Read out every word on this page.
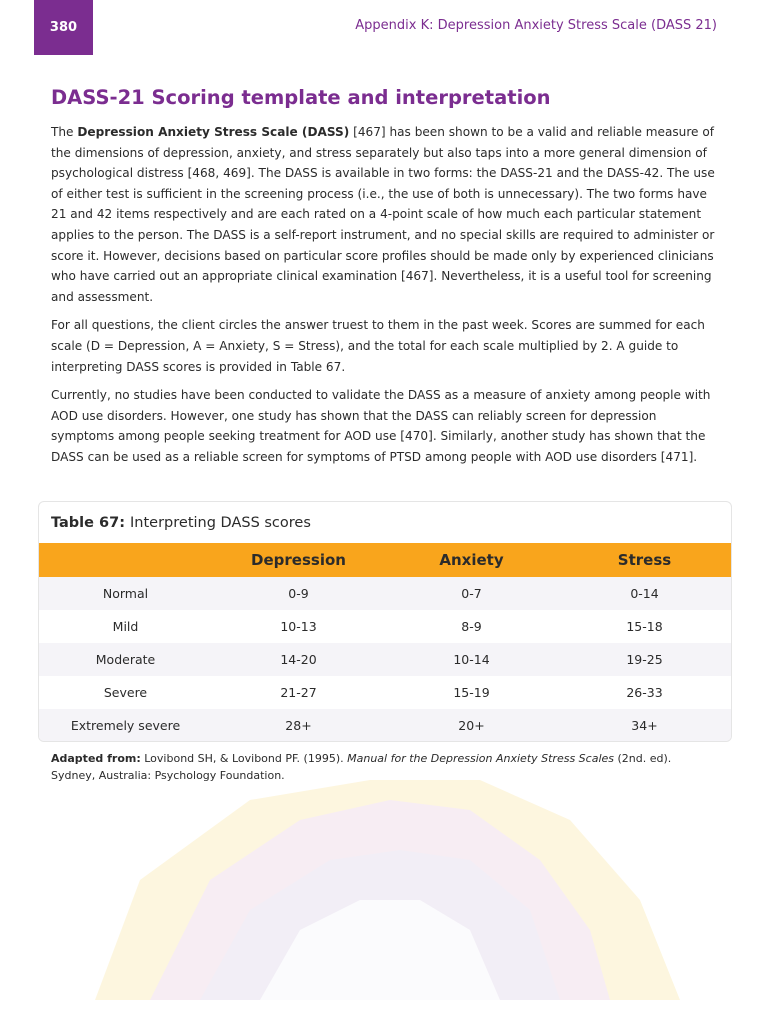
380	Appendix K: Depression Anxiety Stress Scale (DASS 21)
DASS-21 Scoring template and interpretation

The Depression Anxiety Stress Scale (DASS) [467] has been shown to be a valid and reliable measure of the dimensions of depression, anxiety, and stress separately but also taps into a more general dimension of psychological distress [468, 469]. The DASS is available in two forms: the DASS-21 and the DASS-42. The use of either test is sufficient in the screening process (i.e., the use of both is unnecessary). The two forms have 21 and 42 items respectively and are each rated on a 4-point scale of how much each particular statement applies to the person. The DASS is a self-report instrument, and no special skills are required to administer or score it. However, decisions based on particular score profiles should be made only by experienced clinicians who have carried out an appropriate clinical examination [467]. Nevertheless, it is a useful tool for screening and assessment.

For all questions, the client circles the answer truest to them in the past week. Scores are summed for each scale (D = Depression, A = Anxiety, S = Stress), and the total for each scale multiplied by 2. A guide to interpreting DASS scores is provided in Table 67.

Currently, no studies have been conducted to validate the DASS as a measure of anxiety among people with AOD use disorders. However, one study has shown that the DASS can reliably screen for depression symptoms among people seeking treatment for AOD use [470]. Similarly, another study has shown that the DASS can be used as a reliable screen for symptoms of PTSD among people with AOD use disorders [471].

Table 67: Interpreting DASS scores
	Depression	Anxiety	Stress
Normal	0-9	0-7	0-14
Mild	10-13	8-9	15-18
Moderate	14-20	10-14	19-25
Severe	21-27	15-19	26-33
Extremely severe	28+	20+	34+
Adapted from: Lovibond SH, & Lovibond PF. (1995). Manual for the Depression Anxiety Stress Scales (2nd. ed). Sydney, Australia: Psychology Foundation.
